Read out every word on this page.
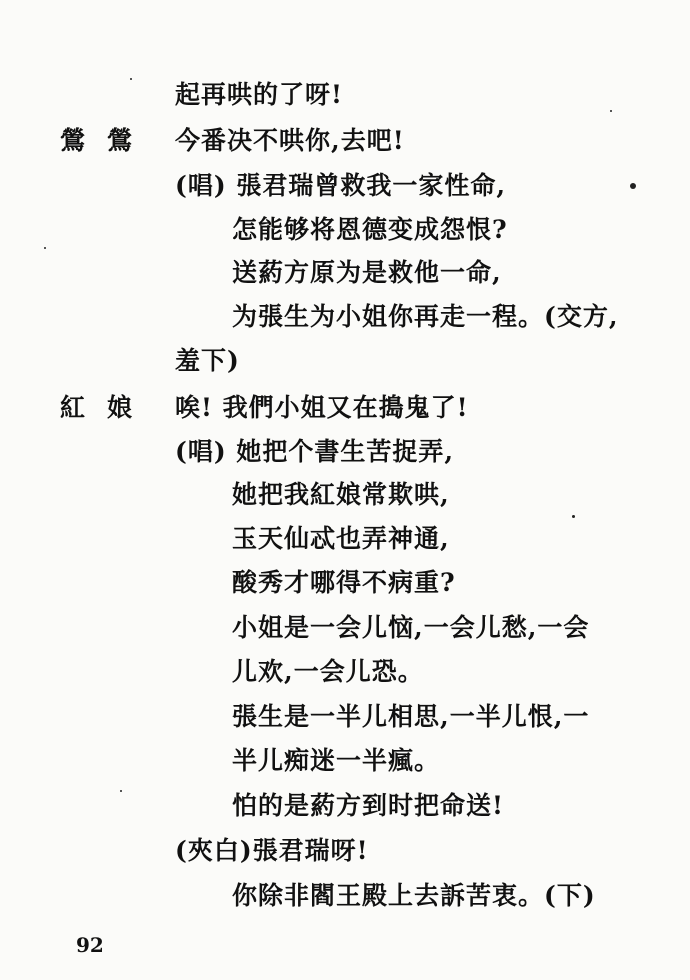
起再哄的了呀!
鶯鶯 今番决不哄你,去吧!
(唱) 張君瑞曾救我一家性命,
怎能够将恩德变成怨恨?
送葯方原为是救他一命,
为張生为小姐你再走一程。(交方,
羞下)
紅娘 唉! 我們小姐又在搗鬼了!
(唱) 她把个書生苦捉弄,
她把我紅娘常欺哄,
玉天仙忒也弄神通,
酸秀才哪得不病重?
小姐是一会儿恼,一会儿愁,一会
儿欢,一会儿恐。
張生是一半儿相思,一半儿恨,一
半儿痴迷一半瘋。
怕的是葯方到时把命送!
(夾白)張君瑞呀!
你除非閻王殿上去訴苦衷。(下)
92
